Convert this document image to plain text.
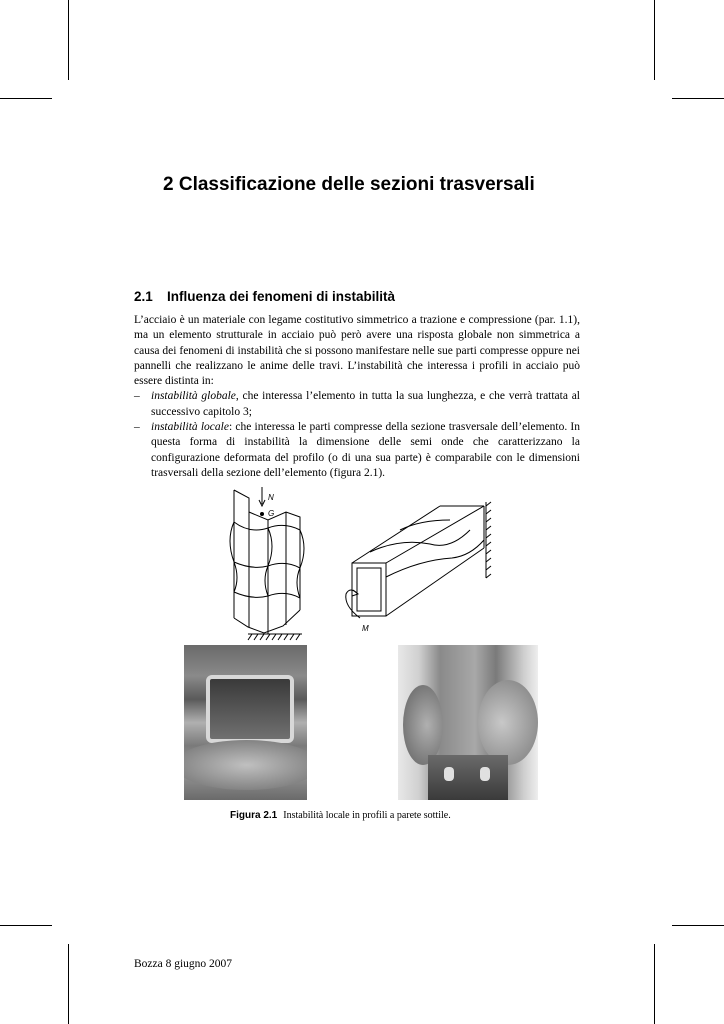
2 Classificazione delle sezioni trasversali
2.1 Influenza dei fenomeni di instabilità

L’acciaio è un materiale con legame costitutivo simmetrico a trazione e compressione (par. 1.1), ma un elemento strutturale in acciaio può però avere una risposta globale non simmetrica a causa dei fenomeni di instabilità che si possono manifestare nelle sue parti compresse oppure nei pannelli che realizzano le anime delle travi. L’instabilità che interessa i profili in acciaio può essere distinta in:

– instabilità globale, che interessa l’elemento in tutta la sua lunghezza, e che verrà trattata al successivo capitolo 3;
– instabilità locale: che interessa le parti compresse della sezione trasversale dell’elemento. In questa forma di instabilità la dimensione delle semi onde che caratterizzano la configurazione deformata del profilo (o di una sua parte) è comparabile con le dimensioni trasversali della sezione dell’elemento (figura 2.1).
N
G
M
Figura 2.1 Instabilità locale in profili a parete sottile.
Bozza 8 giugno 2007
